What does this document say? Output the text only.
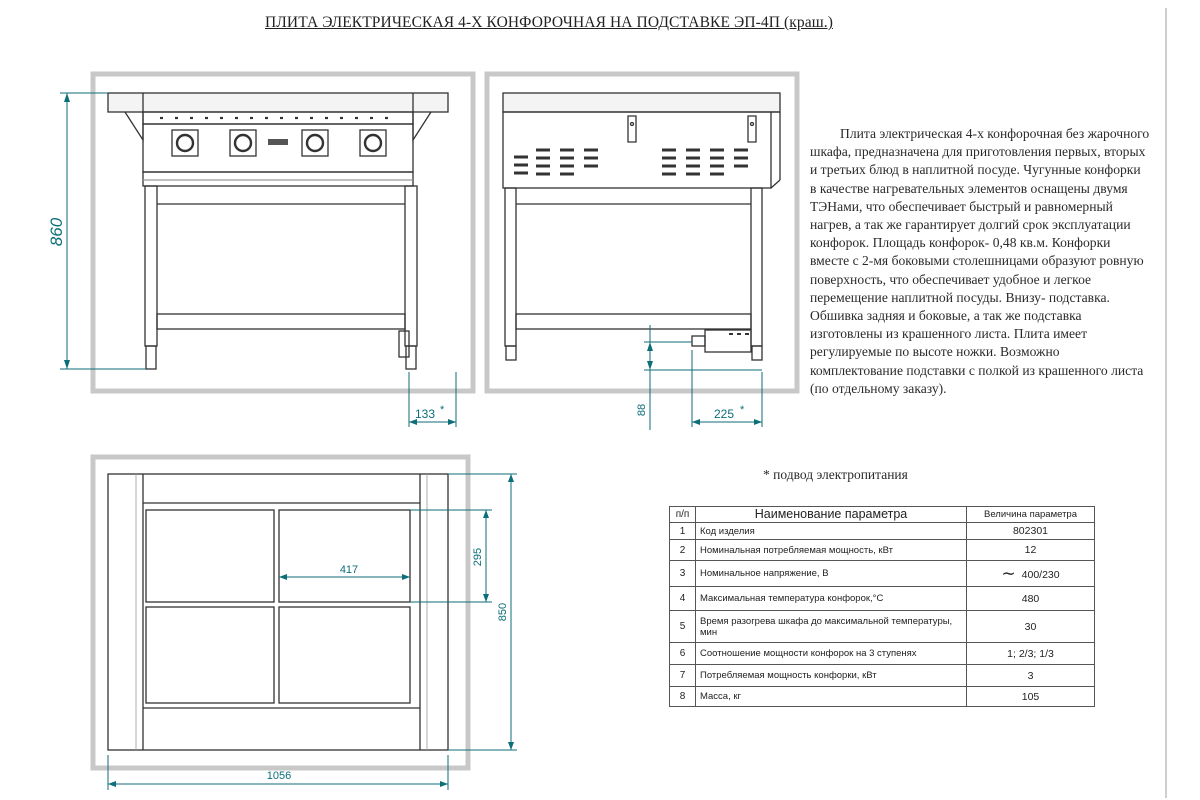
ПЛИТА ЭЛЕКТРИЧЕСКАЯ 4-Х КОНФОРОЧНАЯ НА ПОДСТАВКЕ ЭП-4П (краш.)
860
133 *	88	225 *
417
295
850
1056

Плита электрическая 4-х конфорочная без жарочного шкафа, предназначена для приготовления первых, вторых и третьих блюд в наплитной посуде. Чугунные конфорки в качестве нагревательных элементов оснащены двумя ТЭНами, что обеспечивает быстрый и равномерный нагрев, а так же гарантирует долгий срок эксплуатации конфорок. Площадь конфорок- 0,48 кв.м. Конфорки вместе с 2-мя боковыми столешницами образуют ровную поверхность, что обеспечивает удобное и легкое перемещение наплитной посуды. Внизу- подставка. Обшивка задняя и боковые, а так же подставка изготовлены из крашенного листа. Плита имеет регулируемые по высоте ножки. Возможно комплектование подставки с полкой из крашенного листа (по отдельному заказу).

* подвод электропитания
п/п	Наименование параметра	Величина параметра
1	Код изделия	802301
2	Номинальная потребляемая мощность, кВт	12
3	Номинальное напряжение, В	∼ 400/230
4	Максимальная температура конфорок,°С	480
5	Время разогрева шкафа до максимальной температуры, мин	30
6	Соотношение мощности конфорок на 3 ступенях	1; 2/3; 1/3
7	Потребляемая мощность конфорки, кВт	3
8	Масса, кг	105
